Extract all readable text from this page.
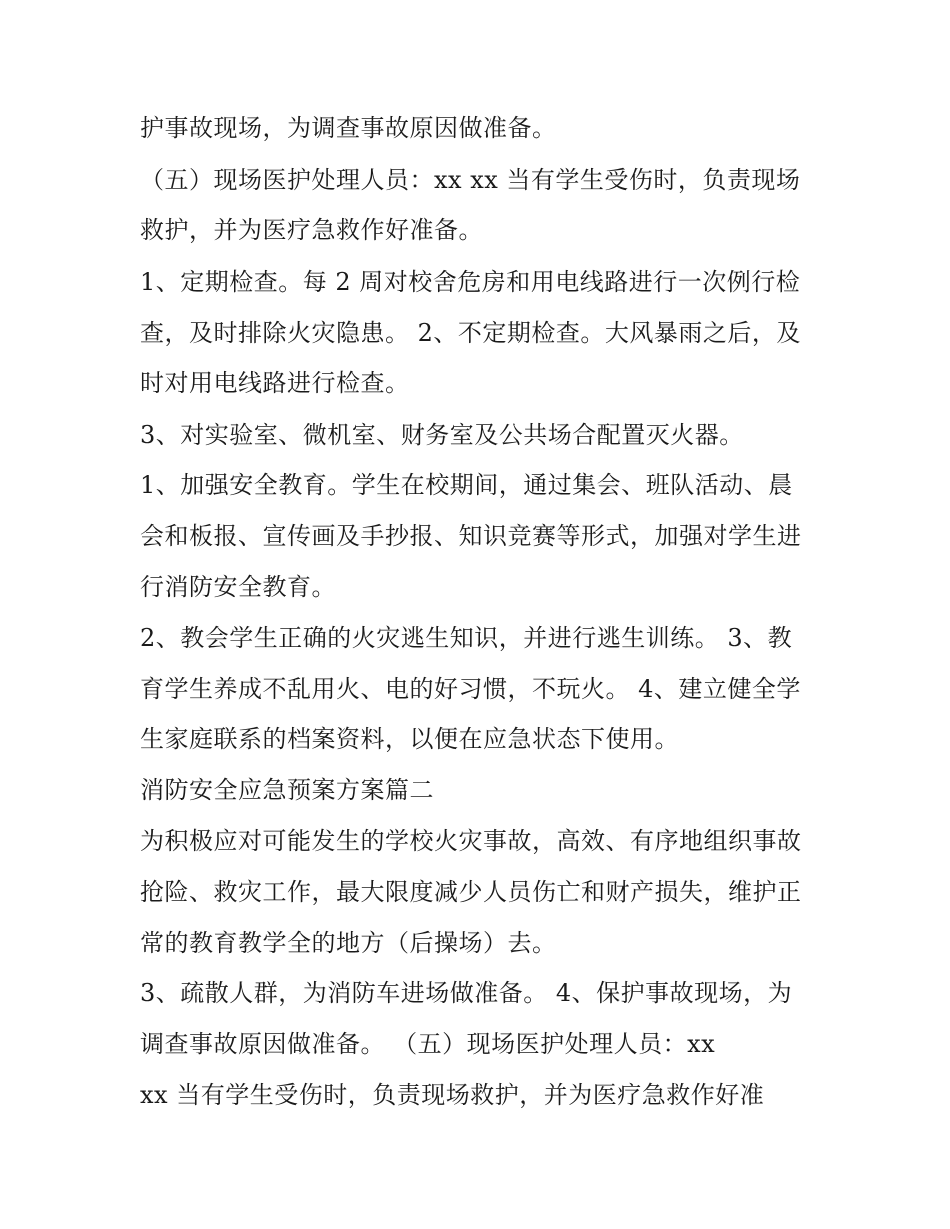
护事故现场，为调查事故原因做准备。
（五）现场医护处理人员：xx xx 当有学生受伤时，负责现场
救护，并为医疗急救作好准备。
1、定期检查。每 2 周对校舍危房和用电线路进行一次例行检
查，及时排除火灾隐患。 2、不定期检查。大风暴雨之后，及
时对用电线路进行检查。
3、对实验室、微机室、财务室及公共场合配置灭火器。
1、加强安全教育。学生在校期间，通过集会、班队活动、晨
会和板报、宣传画及手抄报、知识竞赛等形式，加强对学生进
行消防安全教育。
2、教会学生正确的火灾逃生知识，并进行逃生训练。 3、教
育学生养成不乱用火、电的好习惯，不玩火。 4、建立健全学
生家庭联系的档案资料，以便在应急状态下使用。
消防安全应急预案方案篇二
为积极应对可能发生的学校火灾事故，高效、有序地组织事故
抢险、救灾工作，最大限度减少人员伤亡和财产损失，维护正
常的教育教学全的地方（后操场）去。
3、疏散人群，为消防车进场做准备。 4、保护事故现场，为
调查事故原因做准备。 （五）现场医护处理人员：xx
xx 当有学生受伤时，负责现场救护，并为医疗急救作好准
